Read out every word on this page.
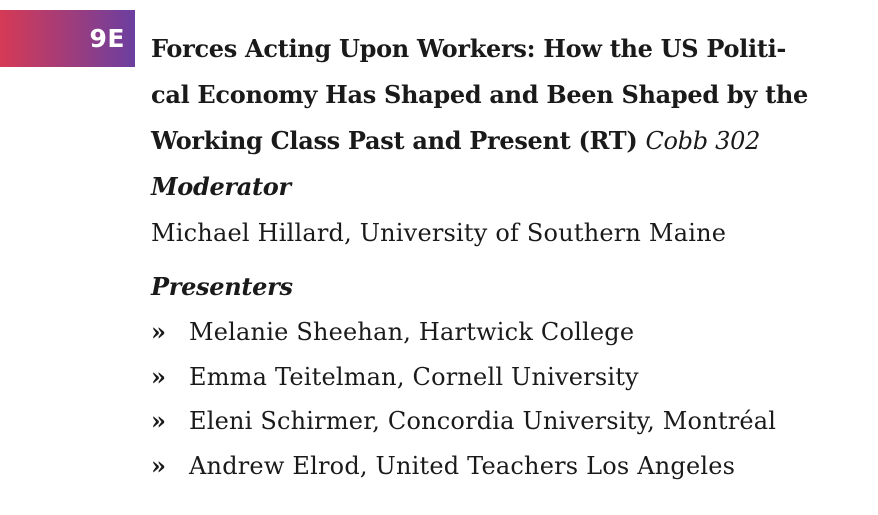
9E Forces Acting Upon Workers: How the US Politi-
cal Economy Has Shaped and Been Shaped by the
Working Class Past and Present (RT) Cobb 302
Moderator
Michael Hillard, University of Southern Maine
Presenters
» Melanie Sheehan, Hartwick College
» Emma Teitelman, Cornell University
» Eleni Schirmer, Concordia University, Montréal
» Andrew Elrod, United Teachers Los Angeles
